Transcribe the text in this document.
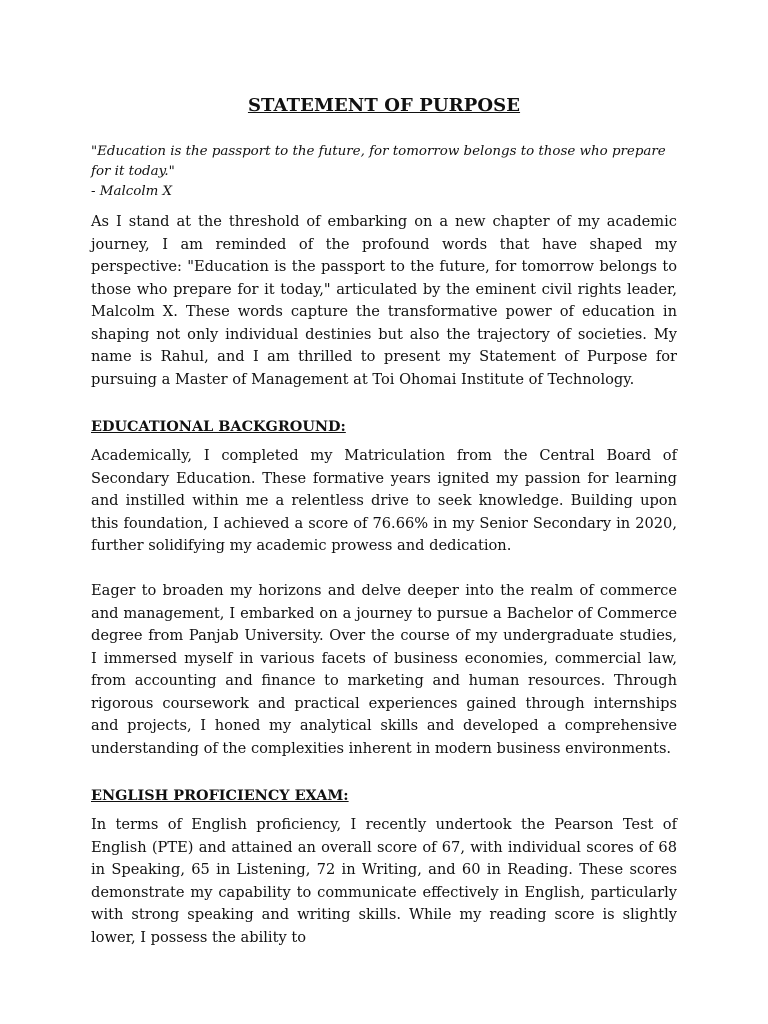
STATEMENT OF PURPOSE

"Education is the passport to the future, for tomorrow belongs to those who prepare for it today."
- Malcolm X

As I stand at the threshold of embarking on a new chapter of my academic journey, I am reminded of the profound words that have shaped my perspective: "Education is the passport to the future, for tomorrow belongs to those who prepare for it today," articulated by the eminent civil rights leader, Malcolm X. These words capture the transformative power of education in shaping not only individual destinies but also the trajectory of societies. My name is Rahul, and I am thrilled to present my Statement of Purpose for pursuing a Master of Management at Toi Ohomai Institute of Technology.

EDUCATIONAL BACKGROUND:

Academically, I completed my Matriculation from the Central Board of Secondary Education. These formative years ignited my passion for learning and instilled within me a relentless drive to seek knowledge. Building upon this foundation, I achieved a score of 76.66% in my Senior Secondary in 2020, further solidifying my academic prowess and dedication.

Eager to broaden my horizons and delve deeper into the realm of commerce and management, I embarked on a journey to pursue a Bachelor of Commerce degree from Panjab University. Over the course of my undergraduate studies, I immersed myself in various facets of business economies, commercial law, from accounting and finance to marketing and human resources. Through rigorous coursework and practical experiences gained through internships and projects, I honed my analytical skills and developed a comprehensive understanding of the complexities inherent in modern business environments.

ENGLISH PROFICIENCY EXAM:

In terms of English proficiency, I recently undertook the Pearson Test of English (PTE) and attained an overall score of 67, with individual scores of 68 in Speaking, 65 in Listening, 72 in Writing, and 60 in Reading. These scores demonstrate my capability to communicate effectively in English, particularly with strong speaking and writing skills. While my reading score is slightly lower, I possess the ability to
